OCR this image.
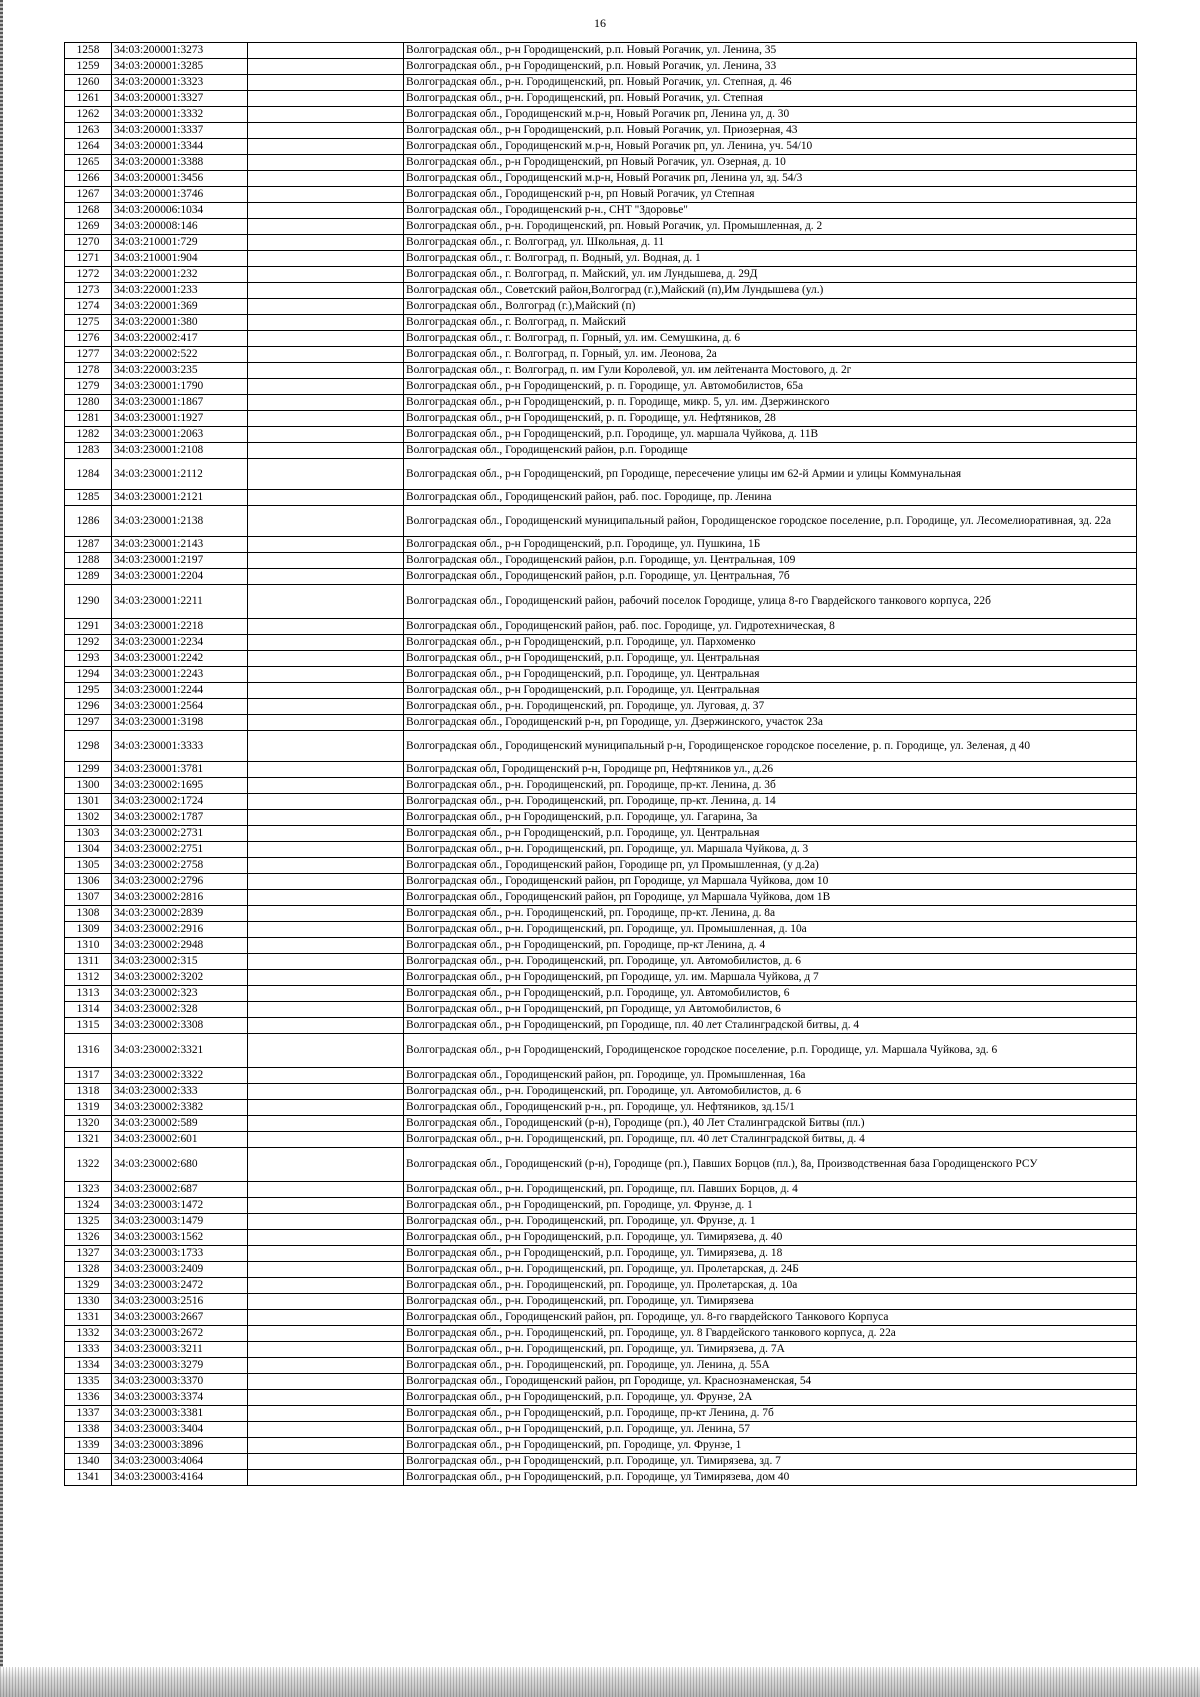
16
1258	34:03:200001:3273		Волгоградская обл., р-н Городищенский, р.п. Новый Рогачик, ул. Ленина, 35
1259	34:03:200001:3285		Волгоградская обл., р-н Городищенский, р.п. Новый Рогачик, ул. Ленина, 33
1260	34:03:200001:3323		Волгоградская обл., р-н. Городищенский, рп. Новый Рогачик, ул. Степная, д. 46
1261	34:03:200001:3327		Волгоградская обл., р-н. Городищенский, рп. Новый Рогачик, ул. Степная
1262	34:03:200001:3332		Волгоградская обл., Городищенский м.р-н, Новый Рогачик рп, Ленина ул, д. 30
1263	34:03:200001:3337		Волгоградская обл., р-н Городищенский, р.п. Новый Рогачик, ул. Приозерная, 43
1264	34:03:200001:3344		Волгоградская обл., Городищенский м.р-н, Новый Рогачик рп, ул. Ленина, уч. 54/10
1265	34:03:200001:3388		Волгоградская обл., р-н Городищенский, рп Новый Рогачик, ул. Озерная, д. 10
1266	34:03:200001:3456		Волгоградская обл., Городищенский м.р-н, Новый Рогачик рп, Ленина ул, зд. 54/3
1267	34:03:200001:3746		Волгоградская обл., Городищенский р-н, рп Новый Рогачик, ул Степная
1268	34:03:200006:1034		Волгоградская обл., Городищенский р-н., СНТ "Здоровье"
1269	34:03:200008:146		Волгоградская обл., р-н. Городищенский, рп. Новый Рогачик, ул. Промышленная, д. 2
1270	34:03:210001:729		Волгоградская обл., г. Волгоград, ул. Школьная, д. 11
1271	34:03:210001:904		Волгоградская обл., г. Волгоград, п. Водный, ул. Водная, д. 1
1272	34:03:220001:232		Волгоградская обл., г. Волгоград, п. Майский, ул. им Лундышева, д. 29Д
1273	34:03:220001:233		Волгоградская обл., Советский район,Волгоград (г.),Майский (п),Им Лундышева (ул.)
1274	34:03:220001:369		Волгоградская обл., Волгоград (г.),Майский (п)
1275	34:03:220001:380		Волгоградская обл., г. Волгоград, п. Майский
1276	34:03:220002:417		Волгоградская обл., г. Волгоград, п. Горный, ул. им. Семушкина, д. 6
1277	34:03:220002:522		Волгоградская обл., г. Волгоград, п. Горный, ул. им. Леонова, 2а
1278	34:03:220003:235		Волгоградская обл., г. Волгоград, п. им Гули Королевой, ул. им лейтенанта Мостового, д. 2г
1279	34:03:230001:1790		Волгоградская обл., р-н Городищенский, р. п. Городище, ул. Автомобилистов, 65а
1280	34:03:230001:1867		Волгоградская обл., р-н Городищенский, р. п. Городище, микр. 5, ул. им. Дзержинского
1281	34:03:230001:1927		Волгоградская обл., р-н Городищенский, р. п. Городище, ул. Нефтяников, 28
1282	34:03:230001:2063		Волгоградская обл., р-н Городищенский, р.п. Городище, ул. маршала Чуйкова, д. 11В
1283	34:03:230001:2108		Волгоградская обл., Городищенский район, р.п. Городище
1284	34:03:230001:2112		Волгоградская обл., р-н Городищенский, рп Городище, пересечение улицы им 62-й Армии и улицы Коммунальная
1285	34:03:230001:2121		Волгоградская обл., Городищенский район, раб. пос. Городище, пр. Ленина
1286	34:03:230001:2138		Волгоградская обл., Городищенский муниципальный район, Городищенское городское поселение, р.п. Городище, ул. Лесомелиоративная, зд. 22а
1287	34:03:230001:2143		Волгоградская обл., р-н Городищенский, р.п. Городище, ул. Пушкина, 1Б
1288	34:03:230001:2197		Волгоградская обл., Городищенский район, р.п. Городище, ул. Центральная, 109
1289	34:03:230001:2204		Волгоградская обл., Городищенский район, р.п. Городище, ул. Центральная, 7б
1290	34:03:230001:2211		Волгоградская обл., Городищенский район, рабочий поселок Городище, улица 8-го Гвардейского танкового корпуса, 22б
1291	34:03:230001:2218		Волгоградская обл., Городищенский район, раб. пос. Городище, ул. Гидротехническая, 8
1292	34:03:230001:2234		Волгоградская обл., р-н Городищенский, р.п. Городище, ул. Пархоменко
1293	34:03:230001:2242		Волгоградская обл., р-н Городищенский, р.п. Городище, ул. Центральная
1294	34:03:230001:2243		Волгоградская обл., р-н Городищенский, р.п. Городище, ул. Центральная
1295	34:03:230001:2244		Волгоградская обл., р-н Городищенский, р.п. Городище, ул. Центральная
1296	34:03:230001:2564		Волгоградская обл., р-н. Городищенский, рп. Городище, ул. Луговая, д. 37
1297	34:03:230001:3198		Волгоградская обл., Городищенский р-н, рп Городище, ул. Дзержинского, участок 23а
1298	34:03:230001:3333		Волгоградская обл., Городищенский муниципальный р-н, Городищенское городское поселение, р. п. Городище, ул. Зеленая, д 40
1299	34:03:230001:3781		Волгоградская обл, Городищенский р-н, Городище рп, Нефтяников ул., д.26
1300	34:03:230002:1695		Волгоградская обл., р-н. Городищенский, рп. Городище, пр-кт. Ленина, д. 3б
1301	34:03:230002:1724		Волгоградская обл., р-н. Городищенский, рп. Городище, пр-кт. Ленина, д. 14
1302	34:03:230002:1787		Волгоградская обл., р-н Городищенский, р.п. Городище, ул. Гагарина, 3а
1303	34:03:230002:2731		Волгоградская обл., р-н Городищенский, р.п. Городище, ул. Центральная
1304	34:03:230002:2751		Волгоградская обл., р-н. Городищенский, рп. Городище, ул. Маршала Чуйкова, д. 3
1305	34:03:230002:2758		Волгоградская обл., Городищенский район, Городище рп, ул Промышленная, (у д.2а)
1306	34:03:230002:2796		Волгоградская обл., Городищенский район, рп Городище, ул Маршала Чуйкова, дом 10
1307	34:03:230002:2816		Волгоградская обл., Городищенский район, рп Городище, ул Маршала Чуйкова, дом 1В
1308	34:03:230002:2839		Волгоградская обл., р-н. Городищенский, рп. Городище, пр-кт. Ленина, д. 8а
1309	34:03:230002:2916		Волгоградская обл., р-н. Городищенский, рп. Городище, ул. Промышленная, д. 10а
1310	34:03:230002:2948		Волгоградская обл., р-н Городищенский, рп. Городище, пр-кт Ленина, д. 4
1311	34:03:230002:315		Волгоградская обл., р-н. Городищенский, рп. Городище, ул. Автомобилистов, д. 6
1312	34:03:230002:3202		Волгоградская обл., р-н Городищенский, рп Городище, ул. им. Маршала Чуйкова, д 7
1313	34:03:230002:323		Волгоградская обл., р-н Городищенский, р.п. Городище, ул. Автомобилистов, 6
1314	34:03:230002:328		Волгоградская обл., р-н Городищенский, рп Городище, ул Автомобилистов, 6
1315	34:03:230002:3308		Волгоградская обл., р-н Городищенский, рп Городище, пл. 40 лет Сталинградской битвы, д. 4
1316	34:03:230002:3321		Волгоградская обл., р-н Городищенский, Городищенское городское поселение, р.п. Городище, ул. Маршала Чуйкова, зд. 6
1317	34:03:230002:3322		Волгоградская обл., Городищенский район, рп. Городище, ул. Промышленная, 16а
1318	34:03:230002:333		Волгоградская обл., р-н. Городищенский, рп. Городище, ул. Автомобилистов, д. 6
1319	34:03:230002:3382		Волгоградская обл., Городищенский р-н., рп. Городище, ул. Нефтяников, зд.15/1
1320	34:03:230002:589		Волгоградская обл., Городищенский (р-н), Городище (рп.), 40 Лет Сталинградской Битвы (пл.)
1321	34:03:230002:601		Волгоградская обл., р-н. Городищенский, рп. Городище, пл. 40 лет Сталинградской битвы, д. 4
1322	34:03:230002:680		Волгоградская обл., Городищенский (р-н), Городище (рп.), Павших Борцов (пл.), 8а, Производственная база Городищенского РСУ
1323	34:03:230002:687		Волгоградская обл., р-н. Городищенский, рп. Городище, пл. Павших Борцов, д. 4
1324	34:03:230003:1472		Волгоградская обл., р-н Городищенский, рп. Городище, ул. Фрунзе, д. 1
1325	34:03:230003:1479		Волгоградская обл., р-н. Городищенский, рп. Городище, ул. Фрунзе, д. 1
1326	34:03:230003:1562		Волгоградская обл., р-н Городищенский, р.п. Городище, ул. Тимирязева, д. 40
1327	34:03:230003:1733		Волгоградская обл., р-н Городищенский, р.п. Городище, ул. Тимирязева, д. 18
1328	34:03:230003:2409		Волгоградская обл., р-н. Городищенский, рп. Городище, ул. Пролетарская, д. 24Б
1329	34:03:230003:2472		Волгоградская обл., р-н. Городищенский, рп. Городище, ул. Пролетарская, д. 10а
1330	34:03:230003:2516		Волгоградская обл., р-н. Городищенский, рп. Городище, ул. Тимирязева
1331	34:03:230003:2667		Волгоградская обл., Городищенский район, рп. Городище, ул. 8-го гвардейского Танкового Корпуса
1332	34:03:230003:2672		Волгоградская обл., р-н. Городищенский, рп. Городище, ул. 8 Гвардейского танкового корпуса, д. 22а
1333	34:03:230003:3211		Волгоградская обл., р-н. Городищенский, рп. Городище, ул. Тимирязева, д. 7А
1334	34:03:230003:3279		Волгоградская обл., р-н. Городищенский, рп. Городище, ул. Ленина, д. 55А
1335	34:03:230003:3370		Волгоградская обл., Городищенский район, рп Городище, ул. Краснознаменская, 54
1336	34:03:230003:3374		Волгоградская обл., р-н Городищенский, р.п. Городище, ул. Фрунзе, 2А
1337	34:03:230003:3381		Волгоградская обл., р-н Городищенский, р.п. Городище, пр-кт Ленина, д. 7б
1338	34:03:230003:3404		Волгоградская обл., р-н Городищенский, р.п. Городище, ул. Ленина, 57
1339	34:03:230003:3896		Волгоградская обл., р-н Городищенский, рп. Городище, ул. Фрунзе, 1
1340	34:03:230003:4064		Волгоградская обл., р-н Городищенский, р.п. Городище, ул. Тимирязева, зд. 7
1341	34:03:230003:4164		Волгоградская обл., р-н Городищенский, р.п. Городище, ул Тимирязева, дом 40
